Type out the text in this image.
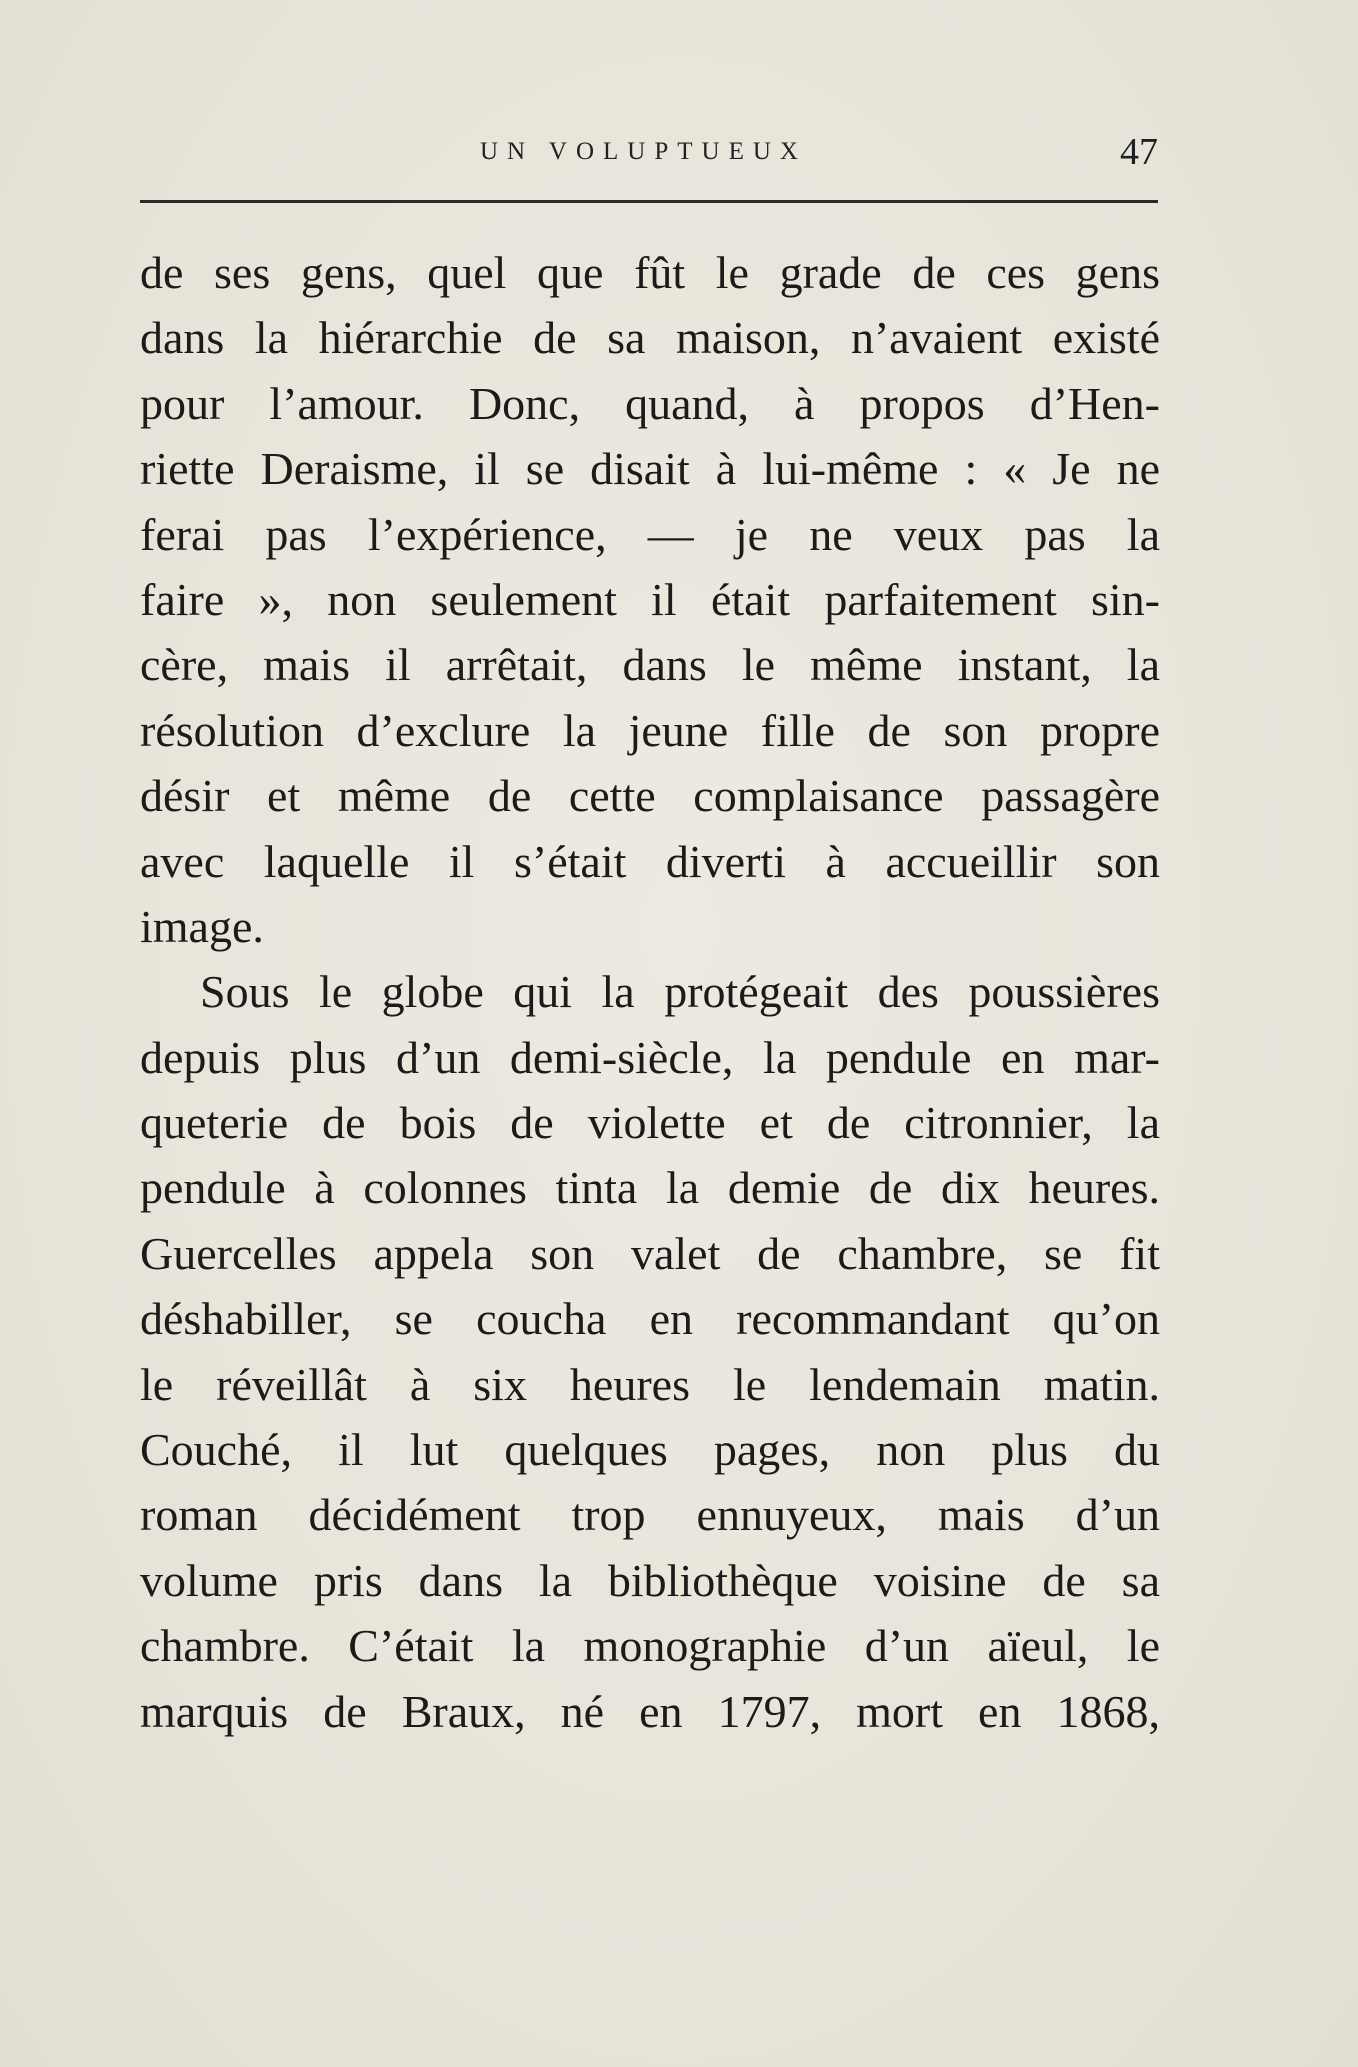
UN VOLUPTUEUX	47
de ses gens, quel que fût le grade de ces gens
dans la hiérarchie de sa maison, n’avaient existé
pour l’amour. Donc, quand, à propos d’Hen-
riette Deraisme, il se disait à lui-même : « Je ne
ferai pas l’expérience, — je ne veux pas la
faire », non seulement il était parfaitement sin-
cère, mais il arrêtait, dans le même instant, la
résolution d’exclure la jeune fille de son propre
désir et même de cette complaisance passagère
avec laquelle il s’était diverti à accueillir son
image.
Sous le globe qui la protégeait des poussières
depuis plus d’un demi-siècle, la pendule en mar-
queterie de bois de violette et de citronnier, la
pendule à colonnes tinta la demie de dix heures.
Guercelles appela son valet de chambre, se fit
déshabiller, se coucha en recommandant qu’on
le réveillât à six heures le lendemain matin.
Couché, il lut quelques pages, non plus du
roman décidément trop ennuyeux, mais d’un
volume pris dans la bibliothèque voisine de sa
chambre. C’était la monographie d’un aïeul, le
marquis de Braux, né en 1797, mort en 1868,
